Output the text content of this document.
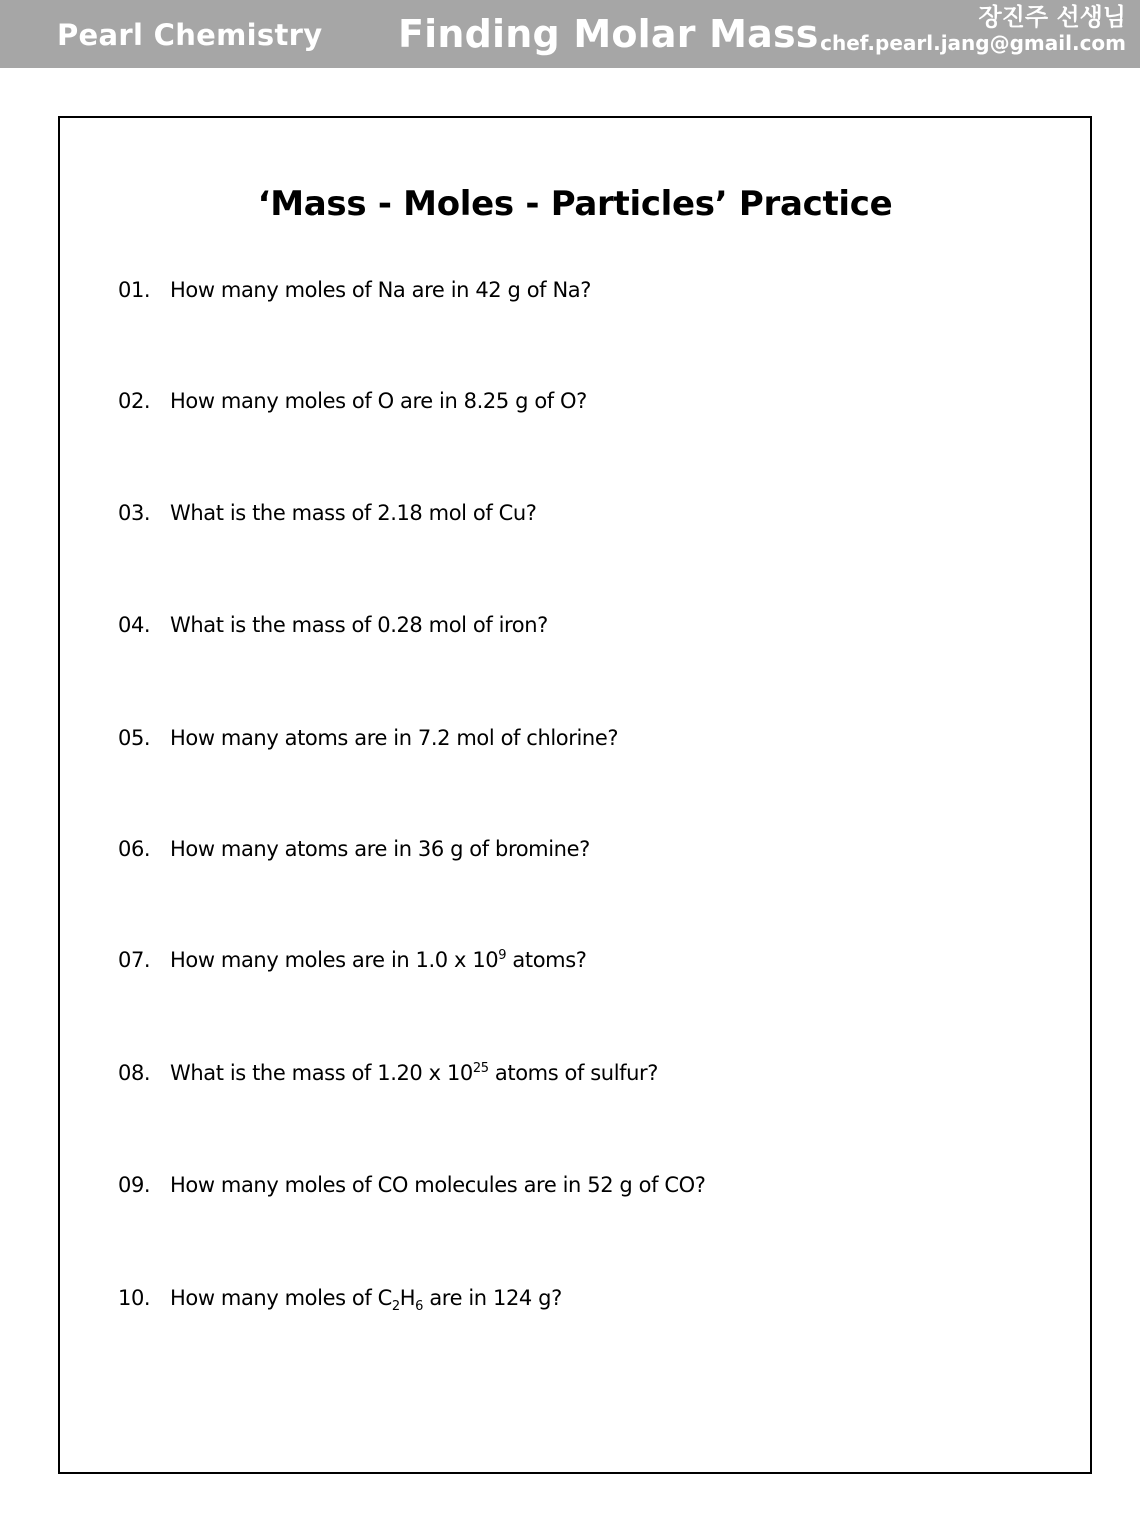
Pearl Chemistry Finding Molar Mass	장진주 선생님
chef.pearl.jang@gmail.com
‘Mass - Moles - Particles’ Practice
01. How many moles of Na are in 42 g of Na?
02. How many moles of O are in 8.25 g of O?
03. What is the mass of 2.18 mol of Cu?
04. What is the mass of 0.28 mol of iron?
05. How many atoms are in 7.2 mol of chlorine?
06. How many atoms are in 36 g of bromine?
07. How many moles are in 1.0 x $10^9$ atoms?
08. What is the mass of 1.20 x $10^{25}$ atoms of sulfur?
09. How many moles of CO molecules are in 52 g of CO?
10. How many moles of $C_2H_6$ are in 124 g?
